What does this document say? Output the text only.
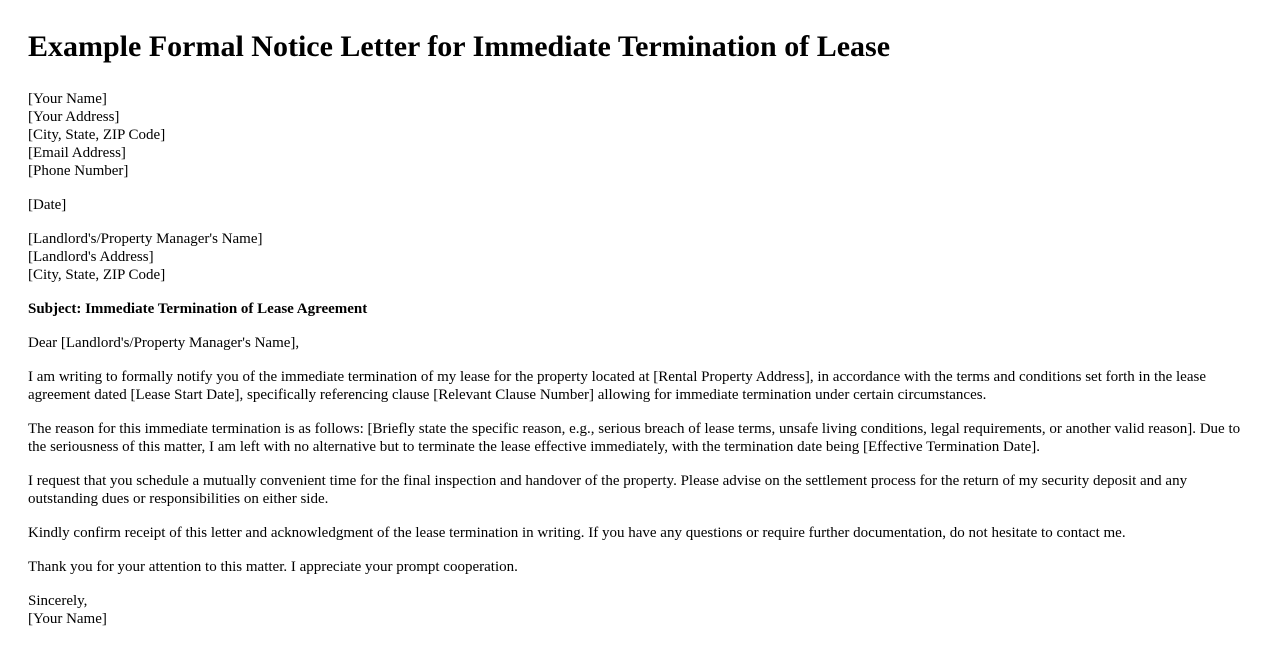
Example Formal Notice Letter for Immediate Termination of Lease
[Your Name]
[Your Address]
[City, State, ZIP Code]
[Email Address]
[Phone Number]
[Date]
[Landlord's/Property Manager's Name]
[Landlord's Address]
[City, State, ZIP Code]

Subject: Immediate Termination of Lease Agreement

Dear [Landlord's/Property Manager's Name],

I am writing to formally notify you of the immediate termination of my lease for the property located at [Rental Property Address], in accordance with the terms and conditions set forth in the lease agreement dated [Lease Start Date], specifically referencing clause [Relevant Clause Number] allowing for immediate termination under certain circumstances.

The reason for this immediate termination is as follows: [Briefly state the specific reason, e.g., serious breach of lease terms, unsafe living conditions, legal requirements, or another valid reason]. Due to the seriousness of this matter, I am left with no alternative but to terminate the lease effective immediately, with the termination date being [Effective Termination Date].

I request that you schedule a mutually convenient time for the final inspection and handover of the property. Please advise on the settlement process for the return of my security deposit and any outstanding dues or responsibilities on either side.

Kindly confirm receipt of this letter and acknowledgment of the lease termination in writing. If you have any questions or require further documentation, do not hesitate to contact me.

Thank you for your attention to this matter. I appreciate your prompt cooperation.

Sincerely,
[Your Name]
